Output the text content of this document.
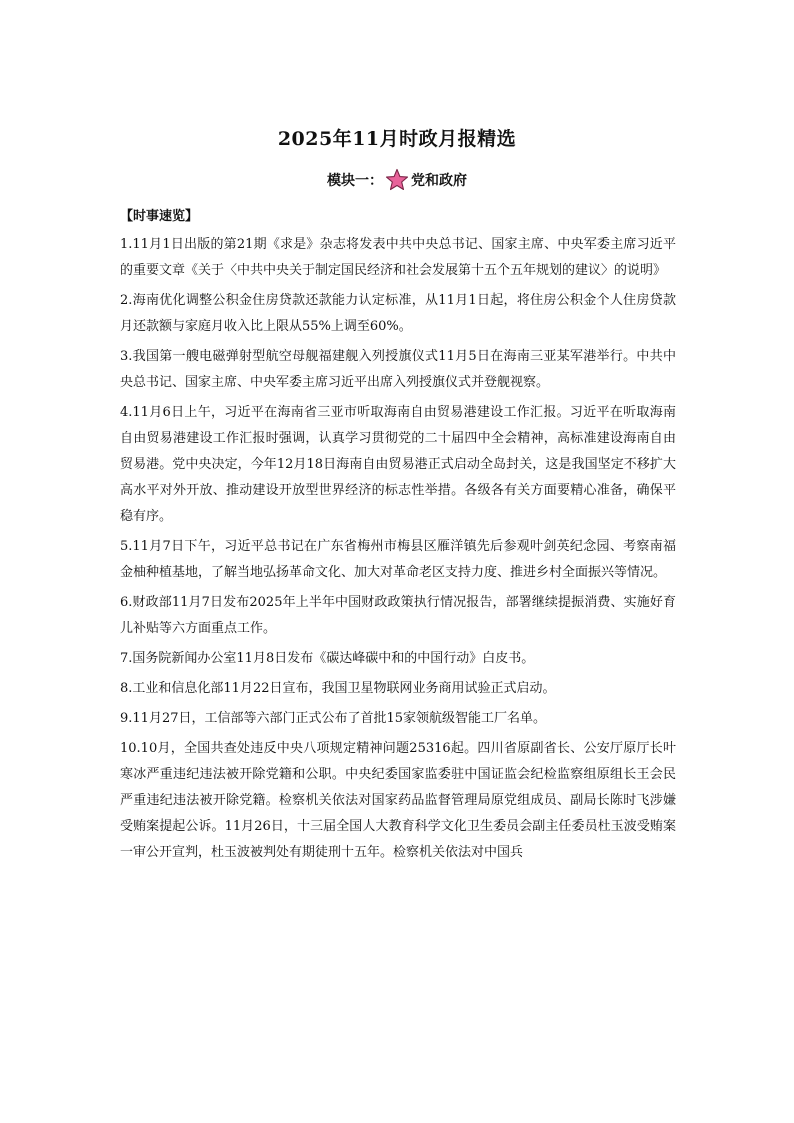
2025年11月时政月报精选
模块一： 党和政府
【时事速览】

1.11月1日出版的第21期《求是》杂志将发表中共中央总书记、国家主席、中央军委主席习近平的重要文章《关于〈中共中央关于制定国民经济和社会发展第十五个五年规划的建议〉的说明》

2.海南优化调整公积金住房贷款还款能力认定标准，从11月1日起，将住房公积金个人住房贷款月还款额与家庭月收入比上限从55%上调至60%。

3.我国第一艘电磁弹射型航空母舰福建舰入列授旗仪式11月5日在海南三亚某军港举行。中共中央总书记、国家主席、中央军委主席习近平出席入列授旗仪式并登舰视察。

4.11月6日上午，习近平在海南省三亚市听取海南自由贸易港建设工作汇报。习近平在听取海南自由贸易港建设工作汇报时强调，认真学习贯彻党的二十届四中全会精神，高标准建设海南自由贸易港。党中央决定，今年12月18日海南自由贸易港正式启动全岛封关，这是我国坚定不移扩大高水平对外开放、推动建设开放型世界经济的标志性举措。各级各有关方面要精心准备，确保平稳有序。

5.11月7日下午，习近平总书记在广东省梅州市梅县区雁洋镇先后参观叶剑英纪念园、考察南福金柚种植基地，了解当地弘扬革命文化、加大对革命老区支持力度、推进乡村全面振兴等情况。

6.财政部11月7日发布2025年上半年中国财政政策执行情况报告，部署继续提振消费、实施好育儿补贴等六方面重点工作。

7.国务院新闻办公室11月8日发布《碳达峰碳中和的中国行动》白皮书。

8.工业和信息化部11月22日宣布，我国卫星物联网业务商用试验正式启动。

9.11月27日，工信部等六部门正式公布了首批15家领航级智能工厂名单。

10.10月，全国共查处违反中央八项规定精神问题25316起。四川省原副省长、公安厅原厅长叶寒冰严重违纪违法被开除党籍和公职。中央纪委国家监委驻中国证监会纪检监察组原组长王会民严重违纪违法被开除党籍。检察机关依法对国家药品监督管理局原党组成员、副局长陈时飞涉嫌受贿案提起公诉。11月26日，十三届全国人大教育科学文化卫生委员会副主任委员杜玉波受贿案一审公开宣判，杜玉波被判处有期徒刑十五年。检察机关依法对中国兵
